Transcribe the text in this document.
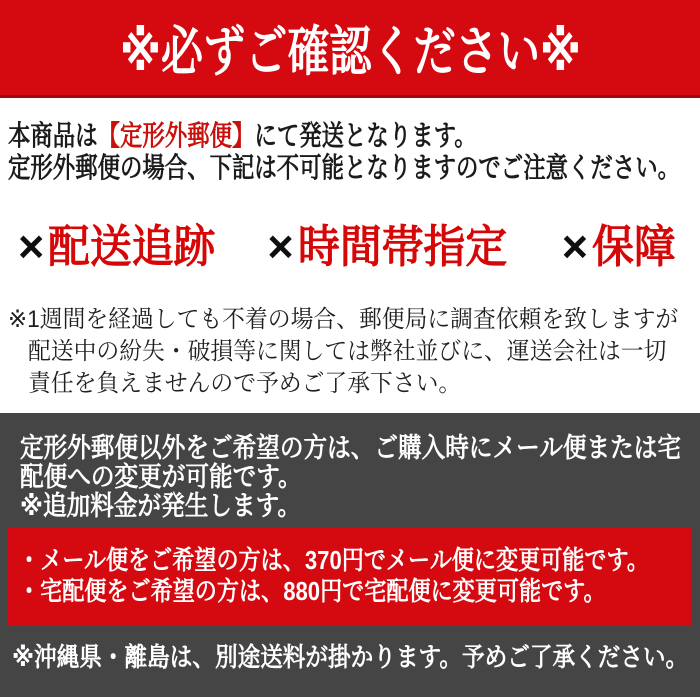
※必ずご確認ください※
本商品は【定形外郵便】にて発送となります。
定形外郵便の場合、下記は不可能となりますのでご注意ください。
× 配送追跡 × 時間帯指定 × 保障
※1週間を経過しても不着の場合、郵便局に調査依頼を致しますが
配送中の紛失・破損等に関しては弊社並びに、運送会社は一切
責任を負えませんので予めご了承下さい。
定形外郵便以外をご希望の方は、ご購入時にメール便または宅
配便への変更が可能です。
※追加料金が発生します。
・メール便をご希望の方は、370円でメール便に変更可能です。
・宅配便をご希望の方は、880円で宅配便に変更可能です。
※沖縄県・離島は、別途送料が掛かります。予めご了承ください。
